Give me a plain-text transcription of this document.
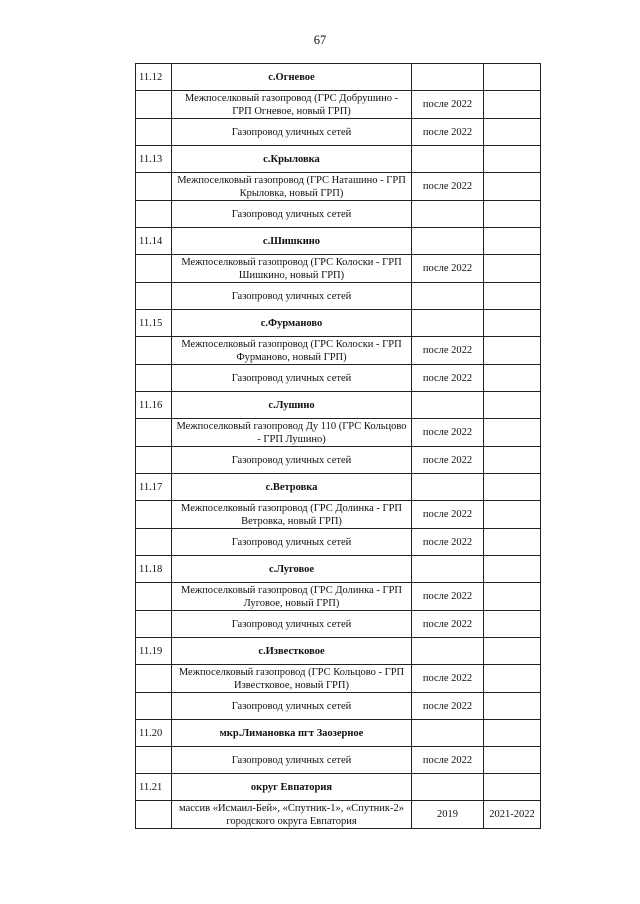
67
11.12	с.Огневое		
	Межпоселковый газопровод (ГРС Добрушино - ГРП Огневое, новый ГРП)	после 2022	
	Газопровод уличных сетей	после 2022	
11.13	с.Крыловка		
	Межпоселковый газопровод (ГРС Наташино - ГРП Крыловка, новый ГРП)	после 2022	
	Газопровод уличных сетей		
11.14	с.Шишкино		
	Межпоселковый газопровод (ГРС Колоски - ГРП Шишкино, новый ГРП)	после 2022	
	Газопровод уличных сетей		
11.15	с.Фурманово		
	Межпоселковый газопровод (ГРС Колоски - ГРП Фурманово, новый ГРП)	после 2022	
	Газопровод уличных сетей	после 2022	
11.16	с.Лушино		
	Межпоселковый газопровод Ду 110 (ГРС Кольцово - ГРП Лушино)	после 2022	
	Газопровод уличных сетей	после 2022	
11.17	с.Ветровка		
	Межпоселковый газопровод (ГРС Долинка - ГРП Ветровка, новый ГРП)	после 2022	
	Газопровод уличных сетей	после 2022	
11.18	с.Луговое		
	Межпоселковый газопровод (ГРС Долинка - ГРП Луговое, новый ГРП)	после 2022	
	Газопровод уличных сетей	после 2022	
11.19	с.Известковое		
	Межпоселковый газопровод (ГРС Кольцово - ГРП Известковое, новый ГРП)	после 2022	
	Газопровод уличных сетей	после 2022	
11.20	мкр.Лимановка пгт Заозерное		
	Газопровод уличных сетей	после 2022	
11.21	округ Евпатория		
	массив «Исмаил-Бей», «Спутник-1», «Спутник-2» городского округа Евпатория	2019	2021-2022
